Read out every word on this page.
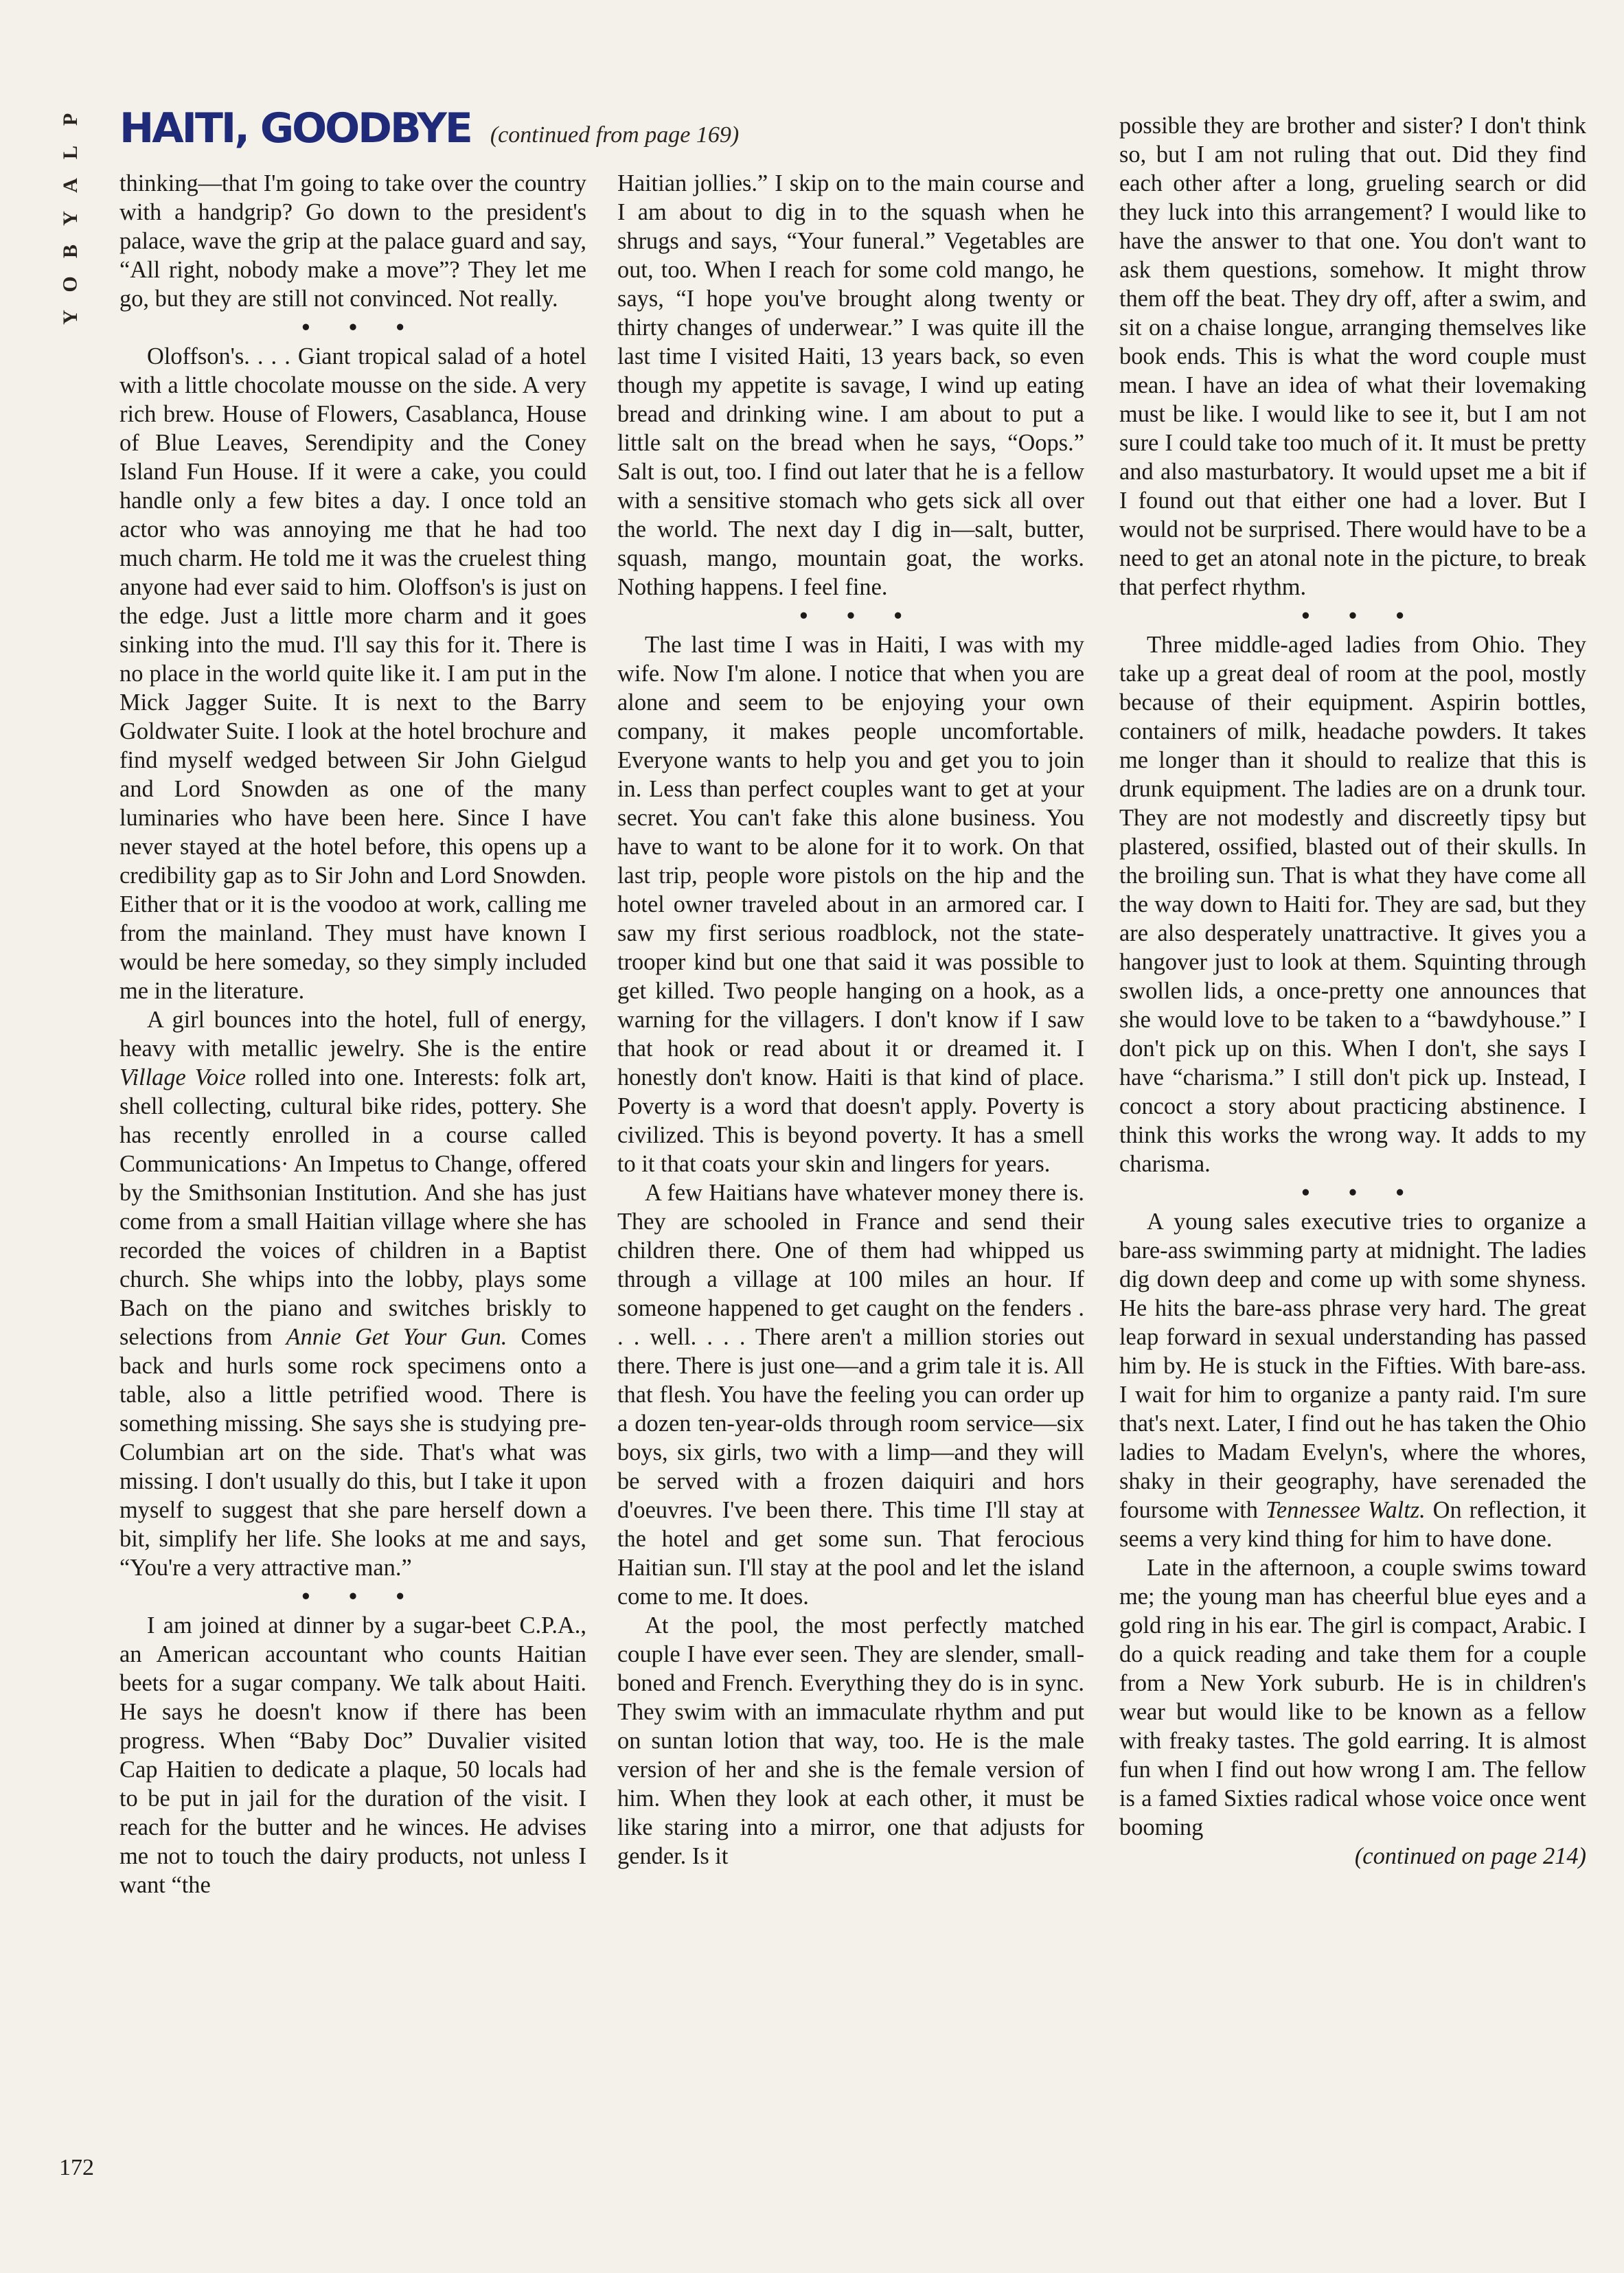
P
L
A
Y
B
O
Y
HAITI, GOODBYE (continued from page 169)

thinking—that I'm going to take over the country with a handgrip? Go down to the president's palace, wave the grip at the palace guard and say, “All right, nobody make a move”? They let me go, but they are still not convinced. Not really.

• • •

Oloffson's. . . . Giant tropical salad of a hotel with a little chocolate mousse on the side. A very rich brew. House of Flowers, Casablanca, House of Blue Leaves, Serendipity and the Coney Island Fun House. If it were a cake, you could handle only a few bites a day. I once told an actor who was annoying me that he had too much charm. He told me it was the cruelest thing anyone had ever said to him. Oloffson's is just on the edge. Just a little more charm and it goes sinking into the mud. I'll say this for it. There is no place in the world quite like it. I am put in the Mick Jagger Suite. It is next to the Barry Goldwater Suite. I look at the hotel brochure and find myself wedged between Sir John Gielgud and Lord Snowden as one of the many luminaries who have been here. Since I have never stayed at the hotel before, this opens up a credibility gap as to Sir John and Lord Snowden. Either that or it is the voodoo at work, calling me from the mainland. They must have known I would be here someday, so they simply included me in the literature.

A girl bounces into the hotel, full of energy, heavy with metallic jewelry. She is the entire Village Voice rolled into one. Interests: folk art, shell collecting, cultural bike rides, pottery. She has recently enrolled in a course called Communications· An Impetus to Change, offered by the Smithsonian Institution. And she has just come from a small Haitian village where she has recorded the voices of children in a Baptist church. She whips into the lobby, plays some Bach on the piano and switches briskly to selections from Annie Get Your Gun. Comes back and hurls some rock specimens onto a table, also a little petrified wood. There is something missing. She says she is studying pre-Columbian art on the side. That's what was missing. I don't usually do this, but I take it upon myself to suggest that she pare herself down a bit, simplify her life. She looks at me and says, “You're a very attractive man.”

• • •

I am joined at dinner by a sugar-beet C.P.A., an American accountant who counts Haitian beets for a sugar company. We talk about Haiti. He says he doesn't know if there has been progress. When “Baby Doc” Duvalier visited Cap Haitien to dedicate a plaque, 50 locals had to be put in jail for the duration of the visit. I reach for the butter and he winces. He advises me not to touch the dairy products, not unless I want “the

Haitian jollies.” I skip on to the main course and I am about to dig in to the squash when he shrugs and says, “Your funeral.” Vegetables are out, too. When I reach for some cold mango, he says, “I hope you've brought along twenty or thirty changes of underwear.” I was quite ill the last time I visited Haiti, 13 years back, so even though my appetite is savage, I wind up eating bread and drinking wine. I am about to put a little salt on the bread when he says, “Oops.” Salt is out, too. I find out later that he is a fellow with a sensitive stomach who gets sick all over the world. The next day I dig in—salt, butter, squash, mango, mountain goat, the works. Nothing happens. I feel fine.

• • •

The last time I was in Haiti, I was with my wife. Now I'm alone. I notice that when you are alone and seem to be enjoying your own company, it makes people uncomfortable. Everyone wants to help you and get you to join in. Less than perfect couples want to get at your secret. You can't fake this alone business. You have to want to be alone for it to work. On that last trip, people wore pistols on the hip and the hotel owner traveled about in an armored car. I saw my first serious roadblock, not the state-trooper kind but one that said it was possible to get killed. Two people hanging on a hook, as a warning for the villagers. I don't know if I saw that hook or read about it or dreamed it. I honestly don't know. Haiti is that kind of place. Poverty is a word that doesn't apply. Poverty is civilized. This is beyond poverty. It has a smell to it that coats your skin and lingers for years.

A few Haitians have whatever money there is. They are schooled in France and send their children there. One of them had whipped us through a village at 100 miles an hour. If someone happened to get caught on the fenders . . . well. . . . There aren't a million stories out there. There is just one—and a grim tale it is. All that flesh. You have the feeling you can order up a dozen ten-year-olds through room service—six boys, six girls, two with a limp—and they will be served with a frozen daiquiri and hors d'oeuvres. I've been there. This time I'll stay at the hotel and get some sun. That ferocious Haitian sun. I'll stay at the pool and let the island come to me. It does.

At the pool, the most perfectly matched couple I have ever seen. They are slender, small-boned and French. Everything they do is in sync. They swim with an immaculate rhythm and put on suntan lotion that way, too. He is the male version of her and she is the female version of him. When they look at each other, it must be like staring into a mirror, one that adjusts for gender. Is it

possible they are brother and sister? I don't think so, but I am not ruling that out. Did they find each other after a long, grueling search or did they luck into this arrangement? I would like to have the answer to that one. You don't want to ask them questions, somehow. It might throw them off the beat. They dry off, after a swim, and sit on a chaise longue, arranging themselves like book ends. This is what the word couple must mean. I have an idea of what their lovemaking must be like. I would like to see it, but I am not sure I could take too much of it. It must be pretty and also masturbatory. It would upset me a bit if I found out that either one had a lover. But I would not be surprised. There would have to be a need to get an atonal note in the picture, to break that perfect rhythm.

• • •

Three middle-aged ladies from Ohio. They take up a great deal of room at the pool, mostly because of their equipment. Aspirin bottles, containers of milk, headache powders. It takes me longer than it should to realize that this is drunk equipment. The ladies are on a drunk tour. They are not modestly and discreetly tipsy but plastered, ossified, blasted out of their skulls. In the broiling sun. That is what they have come all the way down to Haiti for. They are sad, but they are also desperately unattractive. It gives you a hangover just to look at them. Squinting through swollen lids, a once-pretty one announces that she would love to be taken to a “bawdyhouse.” I don't pick up on this. When I don't, she says I have “charisma.” I still don't pick up. Instead, I concoct a story about practicing abstinence. I think this works the wrong way. It adds to my charisma.

• • •

A young sales executive tries to organize a bare-ass swimming party at midnight. The ladies dig down deep and come up with some shyness. He hits the bare-ass phrase very hard. The great leap forward in sexual understanding has passed him by. He is stuck in the Fifties. With bare-ass. I wait for him to organize a panty raid. I'm sure that's next. Later, I find out he has taken the Ohio ladies to Madam Evelyn's, where the whores, shaky in their geography, have serenaded the foursome with Tennessee Waltz. On reflection, it seems a very kind thing for him to have done.

Late in the afternoon, a couple swims toward me; the young man has cheerful blue eyes and a gold ring in his ear. The girl is compact, Arabic. I do a quick reading and take them for a couple from a New York suburb. He is in children's wear but would like to be known as a fellow with freaky tastes. The gold earring. It is almost fun when I find out how wrong I am. The fellow is a famed Sixties radical whose voice once went booming

(continued on page 214)
172
